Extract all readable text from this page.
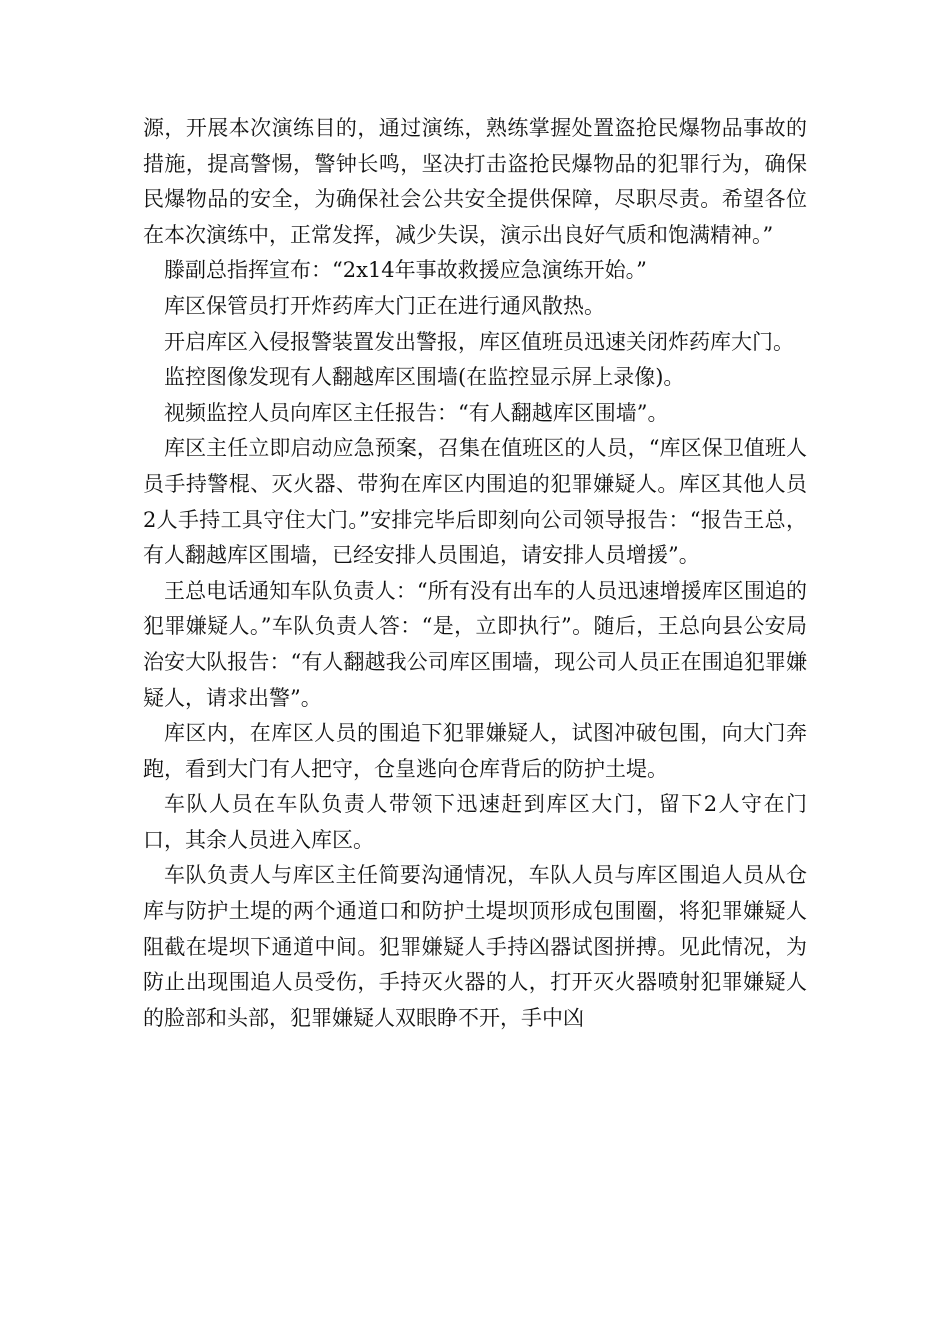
源，开展本次演练目的，通过演练，熟练掌握处置盗抢民爆物品事故的措施，提高警惕，警钟长鸣，坚决打击盗抢民爆物品的犯罪行为，确保民爆物品的安全，为确保社会公共安全提供保障，尽职尽责。希望各位在本次演练中，正常发挥，减少失误，演示出良好气质和饱满精神。”

滕副总指挥宣布：“2x14年事故救援应急演练开始。”

库区保管员打开炸药库大门正在进行通风散热。

开启库区入侵报警装置发出警报，库区值班员迅速关闭炸药库大门。

监控图像发现有人翻越库区围墙(在监控显示屏上录像)。

视频监控人员向库区主任报告：“有人翻越库区围墙”。

库区主任立即启动应急预案，召集在值班区的人员，“库区保卫值班人员手持警棍、灭火器、带狗在库区内围追的犯罪嫌疑人。库区其他人员2人手持工具守住大门。”安排完毕后即刻向公司领导报告：“报告王总，有人翻越库区围墙，已经安排人员围追，请安排人员增援”。

王总电话通知车队负责人：“所有没有出车的人员迅速增援库区围追的犯罪嫌疑人。”车队负责人答：“是，立即执行”。随后，王总向县公安局治安大队报告：“有人翻越我公司库区围墙，现公司人员正在围追犯罪嫌疑人，请求出警”。

库区内，在库区人员的围追下犯罪嫌疑人，试图冲破包围，向大门奔跑，看到大门有人把守，仓皇逃向仓库背后的防护土堤。

车队人员在车队负责人带领下迅速赶到库区大门，留下2人守在门口，其余人员进入库区。

车队负责人与库区主任简要沟通情况，车队人员与库区围追人员从仓库与防护土堤的两个通道口和防护土堤坝顶形成包围圈，将犯罪嫌疑人阻截在堤坝下通道中间。犯罪嫌疑人手持凶器试图拼搏。见此情况，为防止出现围追人员受伤，手持灭火器的人，打开灭火器喷射犯罪嫌疑人的脸部和头部，犯罪嫌疑人双眼睁不开，手中凶
